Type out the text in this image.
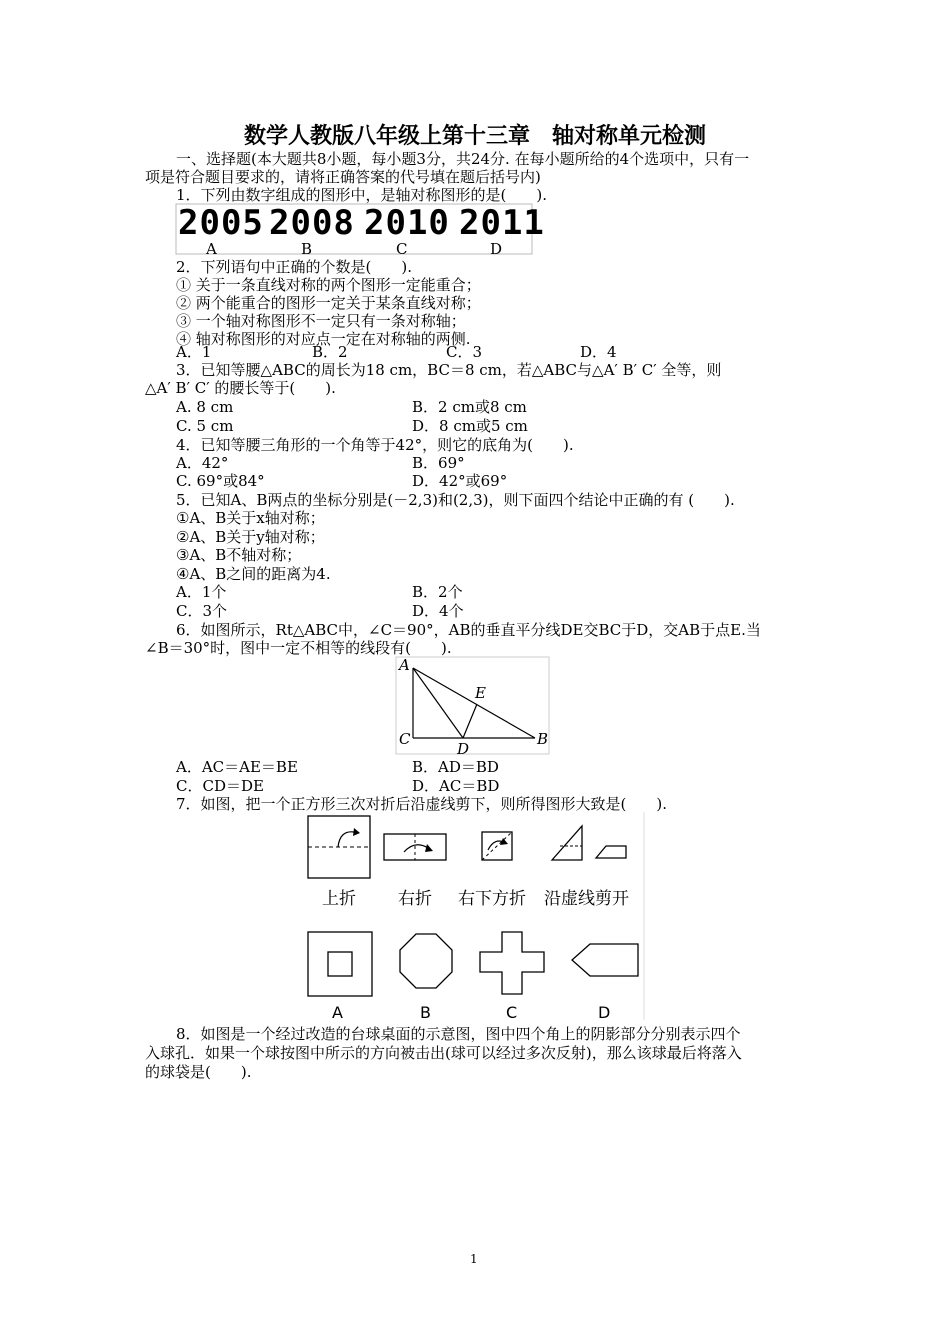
数学人教版八年级上第十三章　轴对称单元检测
一、选择题(本大题共8小题，每小题3分，共24分. 在每小题所给的4个选项中，只有一
项是符合题目要求的，请将正确答案的代号填在题后括号内)
1．下列由数字组成的图形中，是轴对称图形的是(　　).
2005 2008 2010 2011
A	B	C	D
2．下列语句中正确的个数是(　　).
① 关于一条直线对称的两个图形一定能重合；
② 两个能重合的图形一定关于某条直线对称；
③ 一个轴对称图形不一定只有一条对称轴；
④ 轴对称图形的对应点一定在对称轴的两侧.
A．1	B．2	C．3	D．4
3．已知等腰△ABC的周长为18 cm，BC＝8 cm，若△ABC与△A′ B′ C′ 全等，则
△A′ B′ C′ 的腰长等于(　　).
A. 8 cm	B．2 cm或8 cm
C. 5 cm	D．8 cm或5 cm
4．已知等腰三角形的一个角等于42°，则它的底角为(　　).
A．42°	B．69°
C. 69°或84°	D．42°或69°
5．已知A、B两点的坐标分别是(－2,3)和(2,3)，则下面四个结论中正确的有 (　　).
①A、B关于x轴对称；
②A、B关于y轴对称；
③A、B不轴对称；
④A、B之间的距离为4.
A．1个	B．2个
C．3个	D．4个
6．如图所示，Rt△ABC中，∠C＝90°，AB的垂直平分线DE交BC于D，交AB于点E.当
∠B＝30°时，图中一定不相等的线段有(　　).
A
C
D
E
B
A．AC＝AE＝BE	B．AD＝BD
C．CD＝DE	D．AC＝BD
7．如图，把一个正方形三次对折后沿虚线剪下，则所得图形大致是(　　).
上折 右折 右下方折 沿虚线剪开
A	B	C	D
8．如图是一个经过改造的台球桌面的示意图，图中四个角上的阴影部分分别表示四个
入球孔．如果一个球按图中所示的方向被击出(球可以经过多次反射)，那么该球最后将落入
的球袋是(　　).
1
